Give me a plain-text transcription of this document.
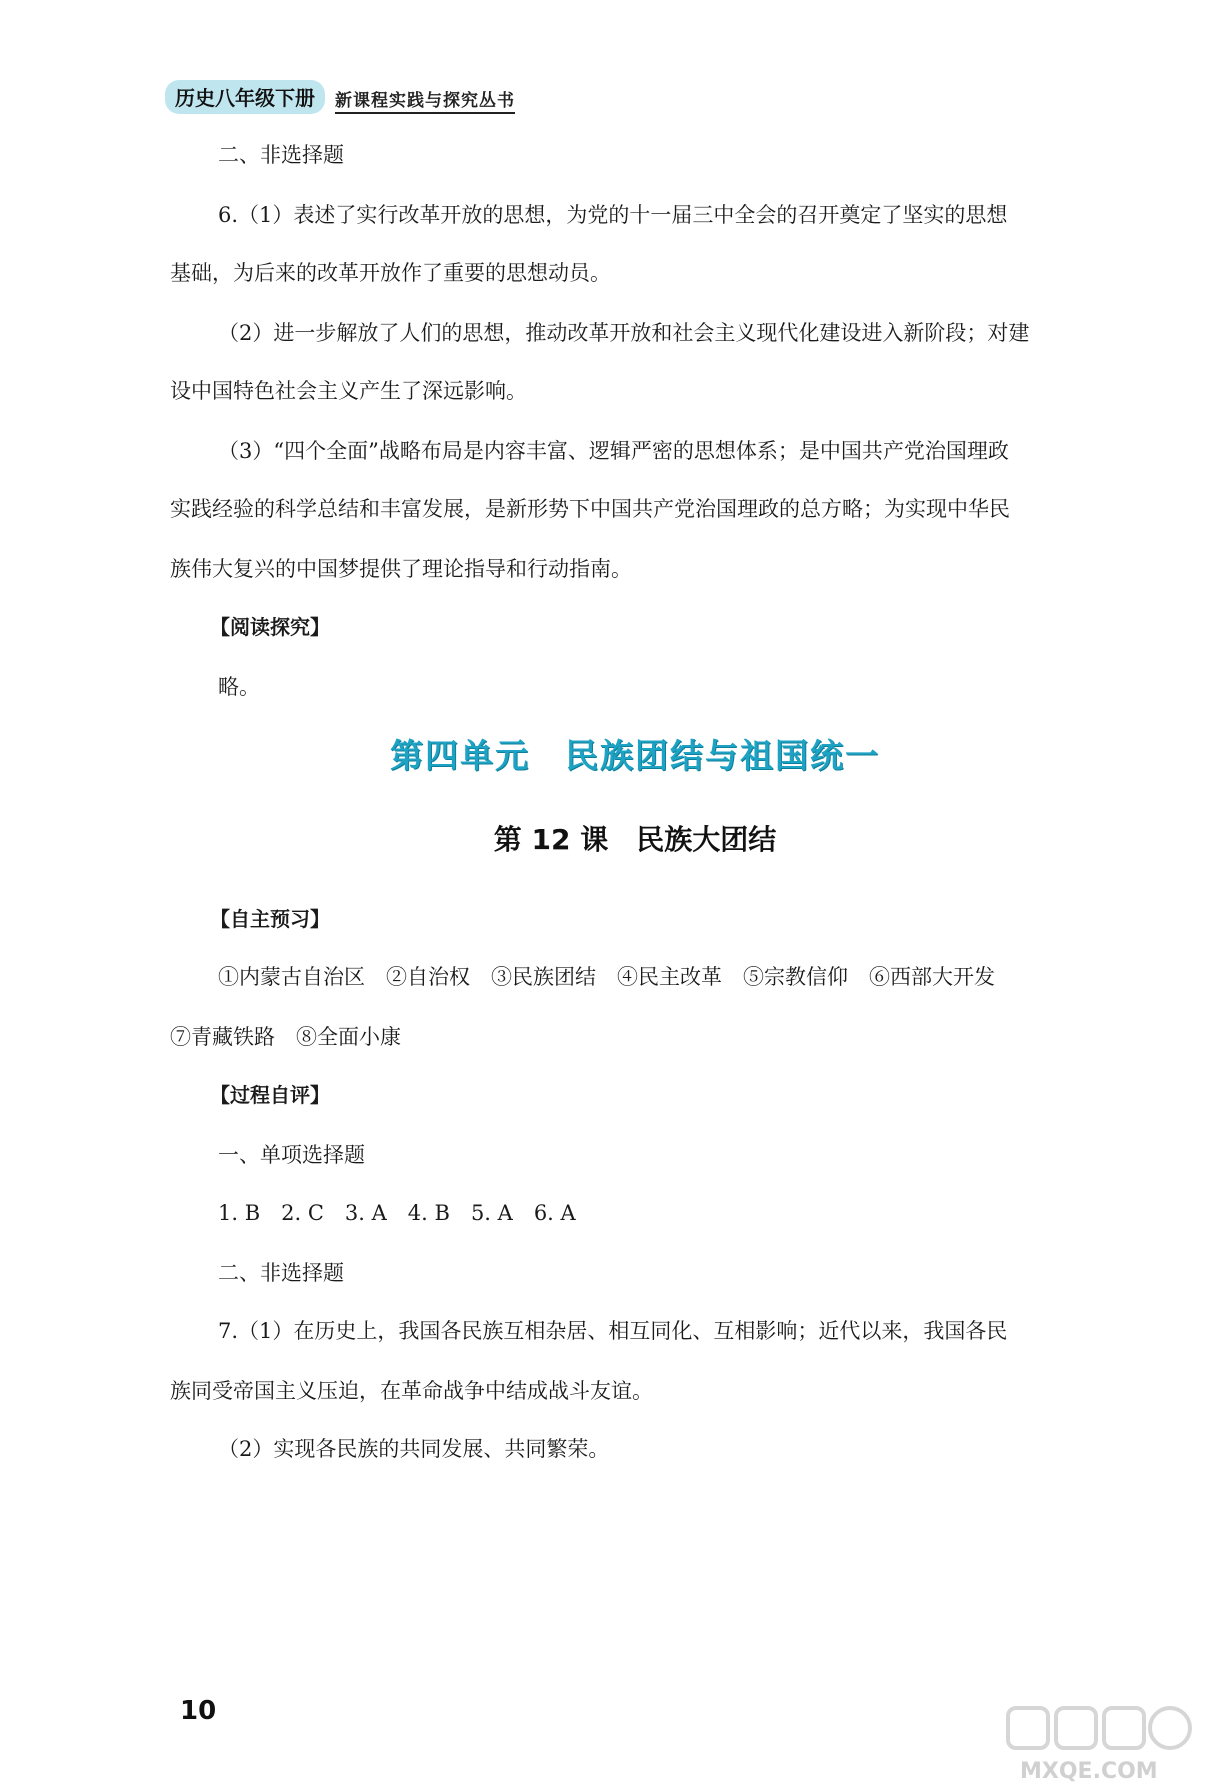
历史八年级下册	新课程实践与探究丛书
二、非选择题
6.（1）表述了实行改革开放的思想，为党的十一届三中全会的召开奠定了坚实的思想
基础，为后来的改革开放作了重要的思想动员。
（2）进一步解放了人们的思想，推动改革开放和社会主义现代化建设进入新阶段；对建
设中国特色社会主义产生了深远影响。
（3）“四个全面”战略布局是内容丰富、逻辑严密的思想体系；是中国共产党治国理政
实践经验的科学总结和丰富发展，是新形势下中国共产党治国理政的总方略；为实现中华民
族伟大复兴的中国梦提供了理论指导和行动指南。
【阅读探究】
略。
第四单元　民族团结与祖国统一
第 12 课　民族大团结
【自主预习】
①内蒙古自治区　②自治权　③民族团结　④民主改革　⑤宗教信仰　⑥西部大开发
⑦青藏铁路　⑧全面小康
【过程自评】
一、单项选择题
1. B　2. C　3. A　4. B　5. A　6. A
二、非选择题
7.（1）在历史上，我国各民族互相杂居、相互同化、互相影响；近代以来，我国各民
族同受帝国主义压迫，在革命战争中结成战斗友谊。
（2）实现各民族的共同发展、共同繁荣。
10
MXQE.COM
